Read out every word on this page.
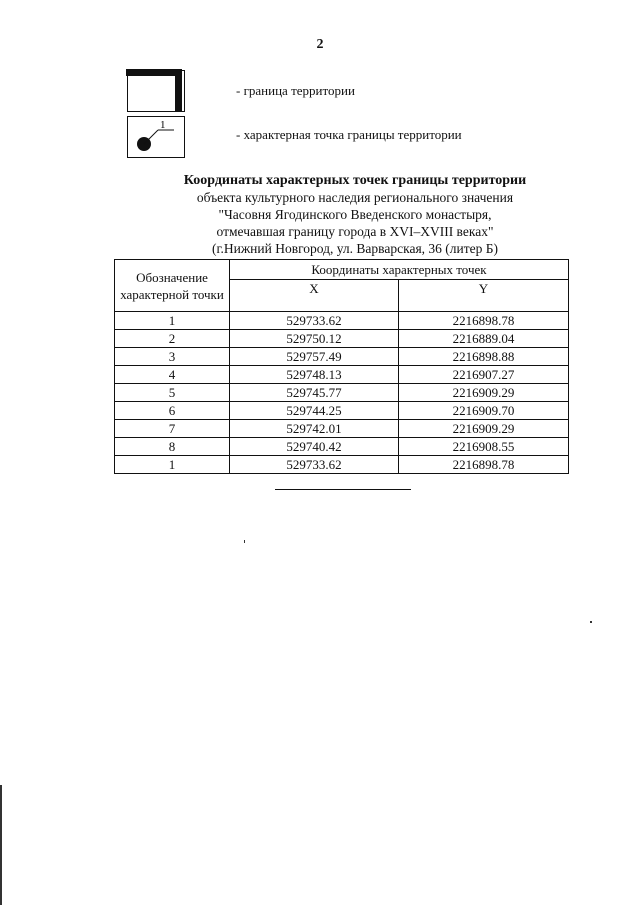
2
- граница территории
1
- характерная точка границы территории
Координаты характерных точек границы территории
объекта культурного наследия регионального значения
"Часовня Ягодинского Введенского монастыря,
отмечавшая границу города в XVI–XVIII веках"
(г.Нижний Новгород, ул. Варварская, 36 (литер Б)
Обозначение характерной точки	Координаты характерных точек	
	X	Y
1	529733.62	2216898.78
2	529750.12	2216889.04
3	529757.49	2216898.88
4	529748.13	2216907.27
5	529745.77	2216909.29
6	529744.25	2216909.70
7	529742.01	2216909.29
8	529740.42	2216908.55
1	529733.62	2216898.78
